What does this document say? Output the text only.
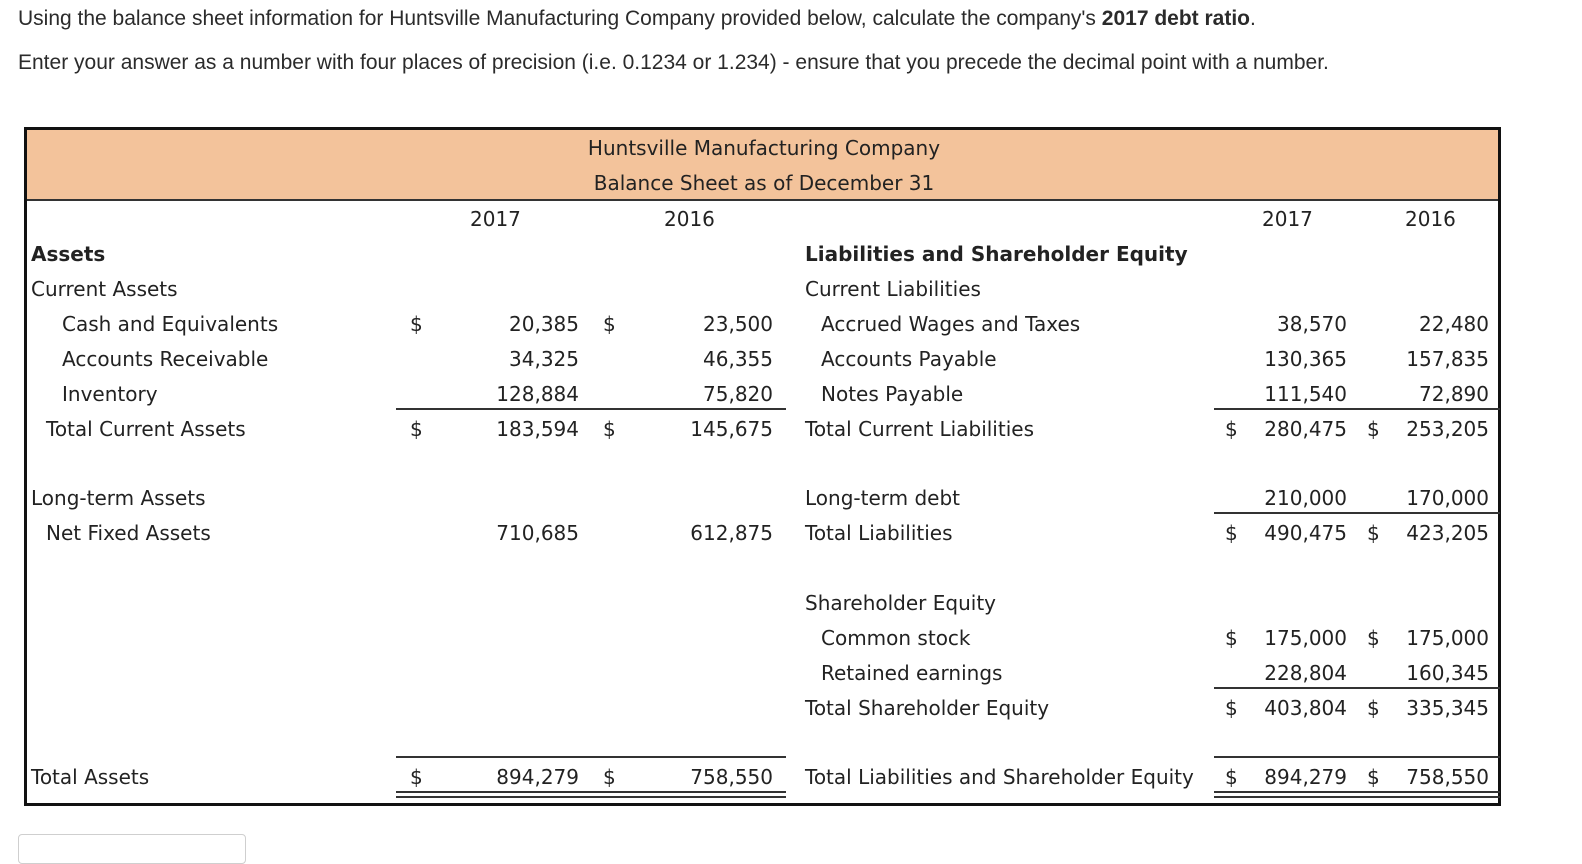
Using the balance sheet information for Huntsville Manufacturing Company provided below, calculate the company's 2017 debt ratio.
Enter your answer as a number with four places of precision (i.e. 0.1234 or 1.234) - ensure that you precede the decimal point with a number.
Huntsville Manufacturing Company
Balance Sheet as of December 31
2017	2016	2017	2016
Assets
Current Assets
Cash and Equivalents	$	20,385 $	23,500
Accounts Receivable	34,325	46,355
Inventory	128,884	75,820
Total Current Assets	$	183,594 $	145,675
Long-term Assets
Net Fixed Assets	710,685	612,875
Total Assets	$	894,279 $	758,550
Liabilities and Shareholder Equity
Current Liabilities
Accrued Wages and Taxes	38,570	22,480
Accounts Payable	130,365	157,835
Notes Payable	111,540	72,890
Total Current Liabilities	$	280,475 $	253,205
Long-term debt	210,000	170,000
Total Liabilities	$	490,475 $	423,205
Shareholder Equity
Common stock	$	175,000 $	175,000
Retained earnings	228,804	160,345
Total Shareholder Equity	$	403,804 $	335,345
Total Liabilities and Shareholder Equity $	894,279 $	758,550
